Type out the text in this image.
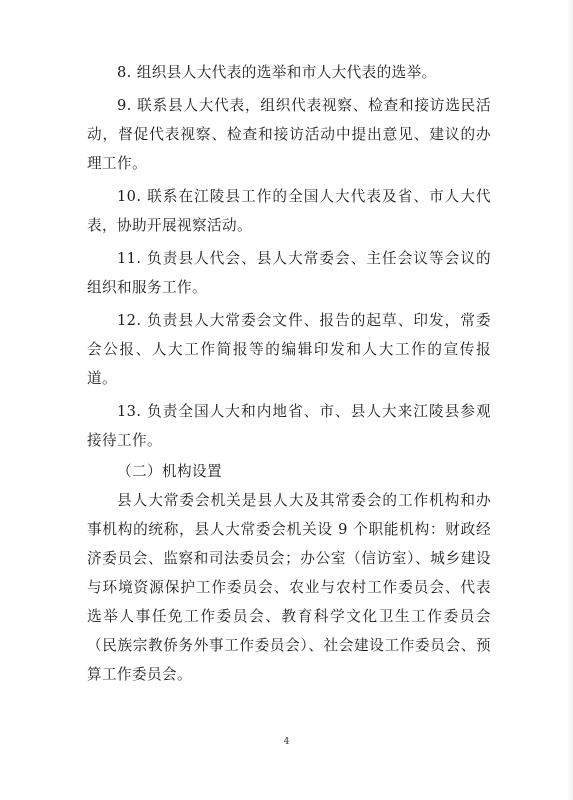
8. 组织县人大代表的选举和市人大代表的选举。

9. 联系县人大代表，组织代表视察、检查和接访选民活动，督促代表视察、检查和接访活动中提出意见、建议的办理工作。

10. 联系在江陵县工作的全国人大代表及省、市人大代表，协助开展视察活动。

11. 负责县人代会、县人大常委会、主任会议等会议的组织和服务工作。

12. 负责县人大常委会文件、报告的起草、印发，常委会公报、人大工作简报等的编辑印发和人大工作的宣传报道。

13. 负责全国人大和内地省、市、县人大来江陵县参观接待工作。

（二）机构设置

县人大常委会机关是县人大及其常委会的工作机构和办事机构的统称，县人大常委会机关设 9 个职能机构：财政经济委员会、监察和司法委员会；办公室（信访室）、城乡建设与环境资源保护工作委员会、农业与农村工作委员会、代表选举人事任免工作委员会、教育科学文化卫生工作委员会（民族宗教侨务外事工作委员会）、社会建设工作委员会、预算工作委员会。

4
